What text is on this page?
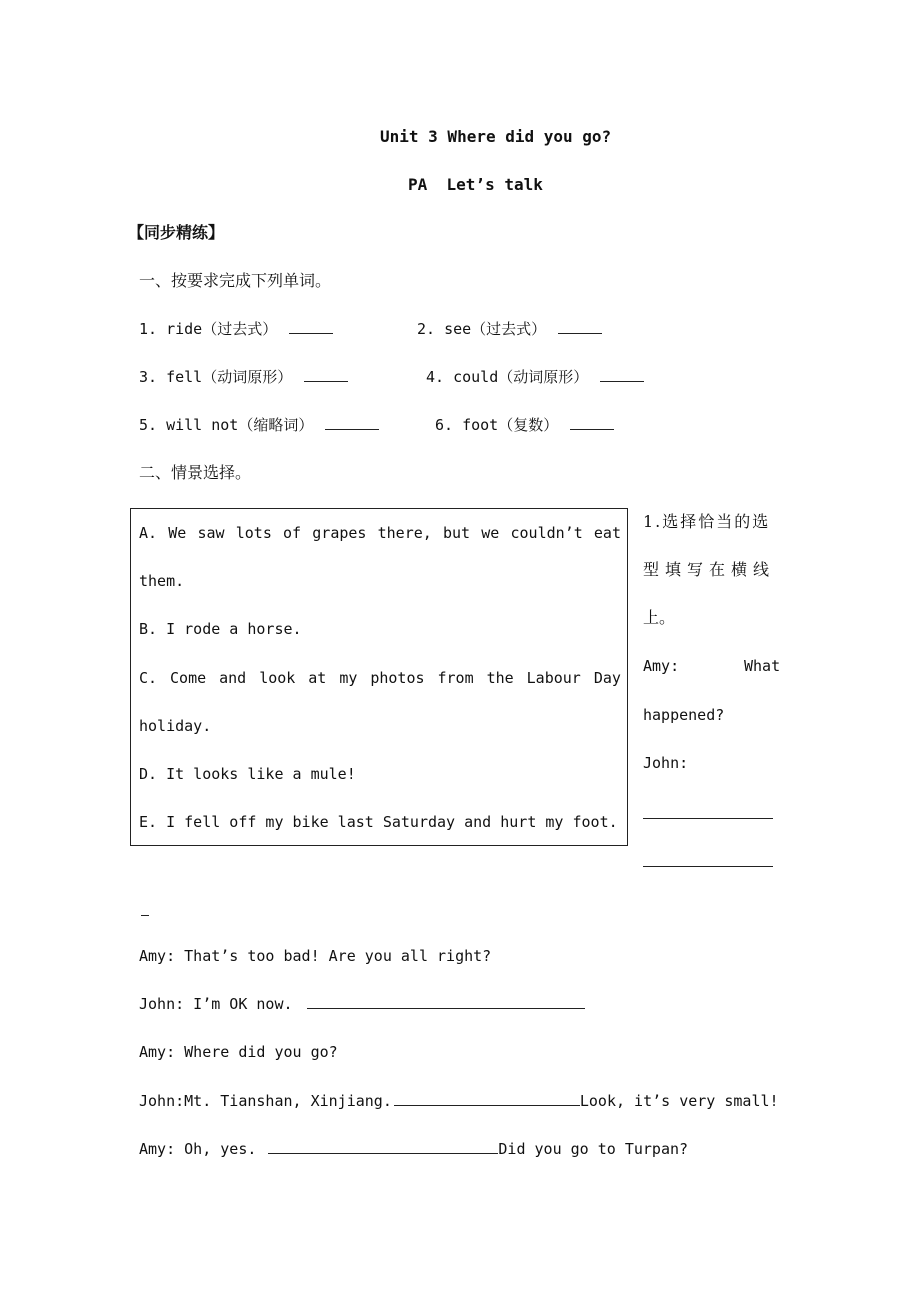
Unit 3 Where did you go?
PA  Let’s talk
【同步精练】
一、按要求完成下列单词。
1. ride（过去式）	2. see（过去式）
3. fell（动词原形）	4. could（动词原形）
5. will not（缩略词）	6. foot（复数）
二、情景选择。
A. We saw lots of grapes there, but we couldn’t eat
them.
B. I rode a horse.
C. Come and look at my photos from the Labour Day
holiday.
D. It looks like a mule!
E. I fell off my bike last Saturday and hurt my foot.
1.选择恰当的选
型填写在横线
上。
Amy:	What
happened?
John:
Amy: That’s too bad! Are you all right?
John: I’m OK now.
Amy: Where did you go?
John:Mt. Tianshan, Xinjiang.	Look, it’s very small!
Amy: Oh, yes.	Did you go to Turpan?
